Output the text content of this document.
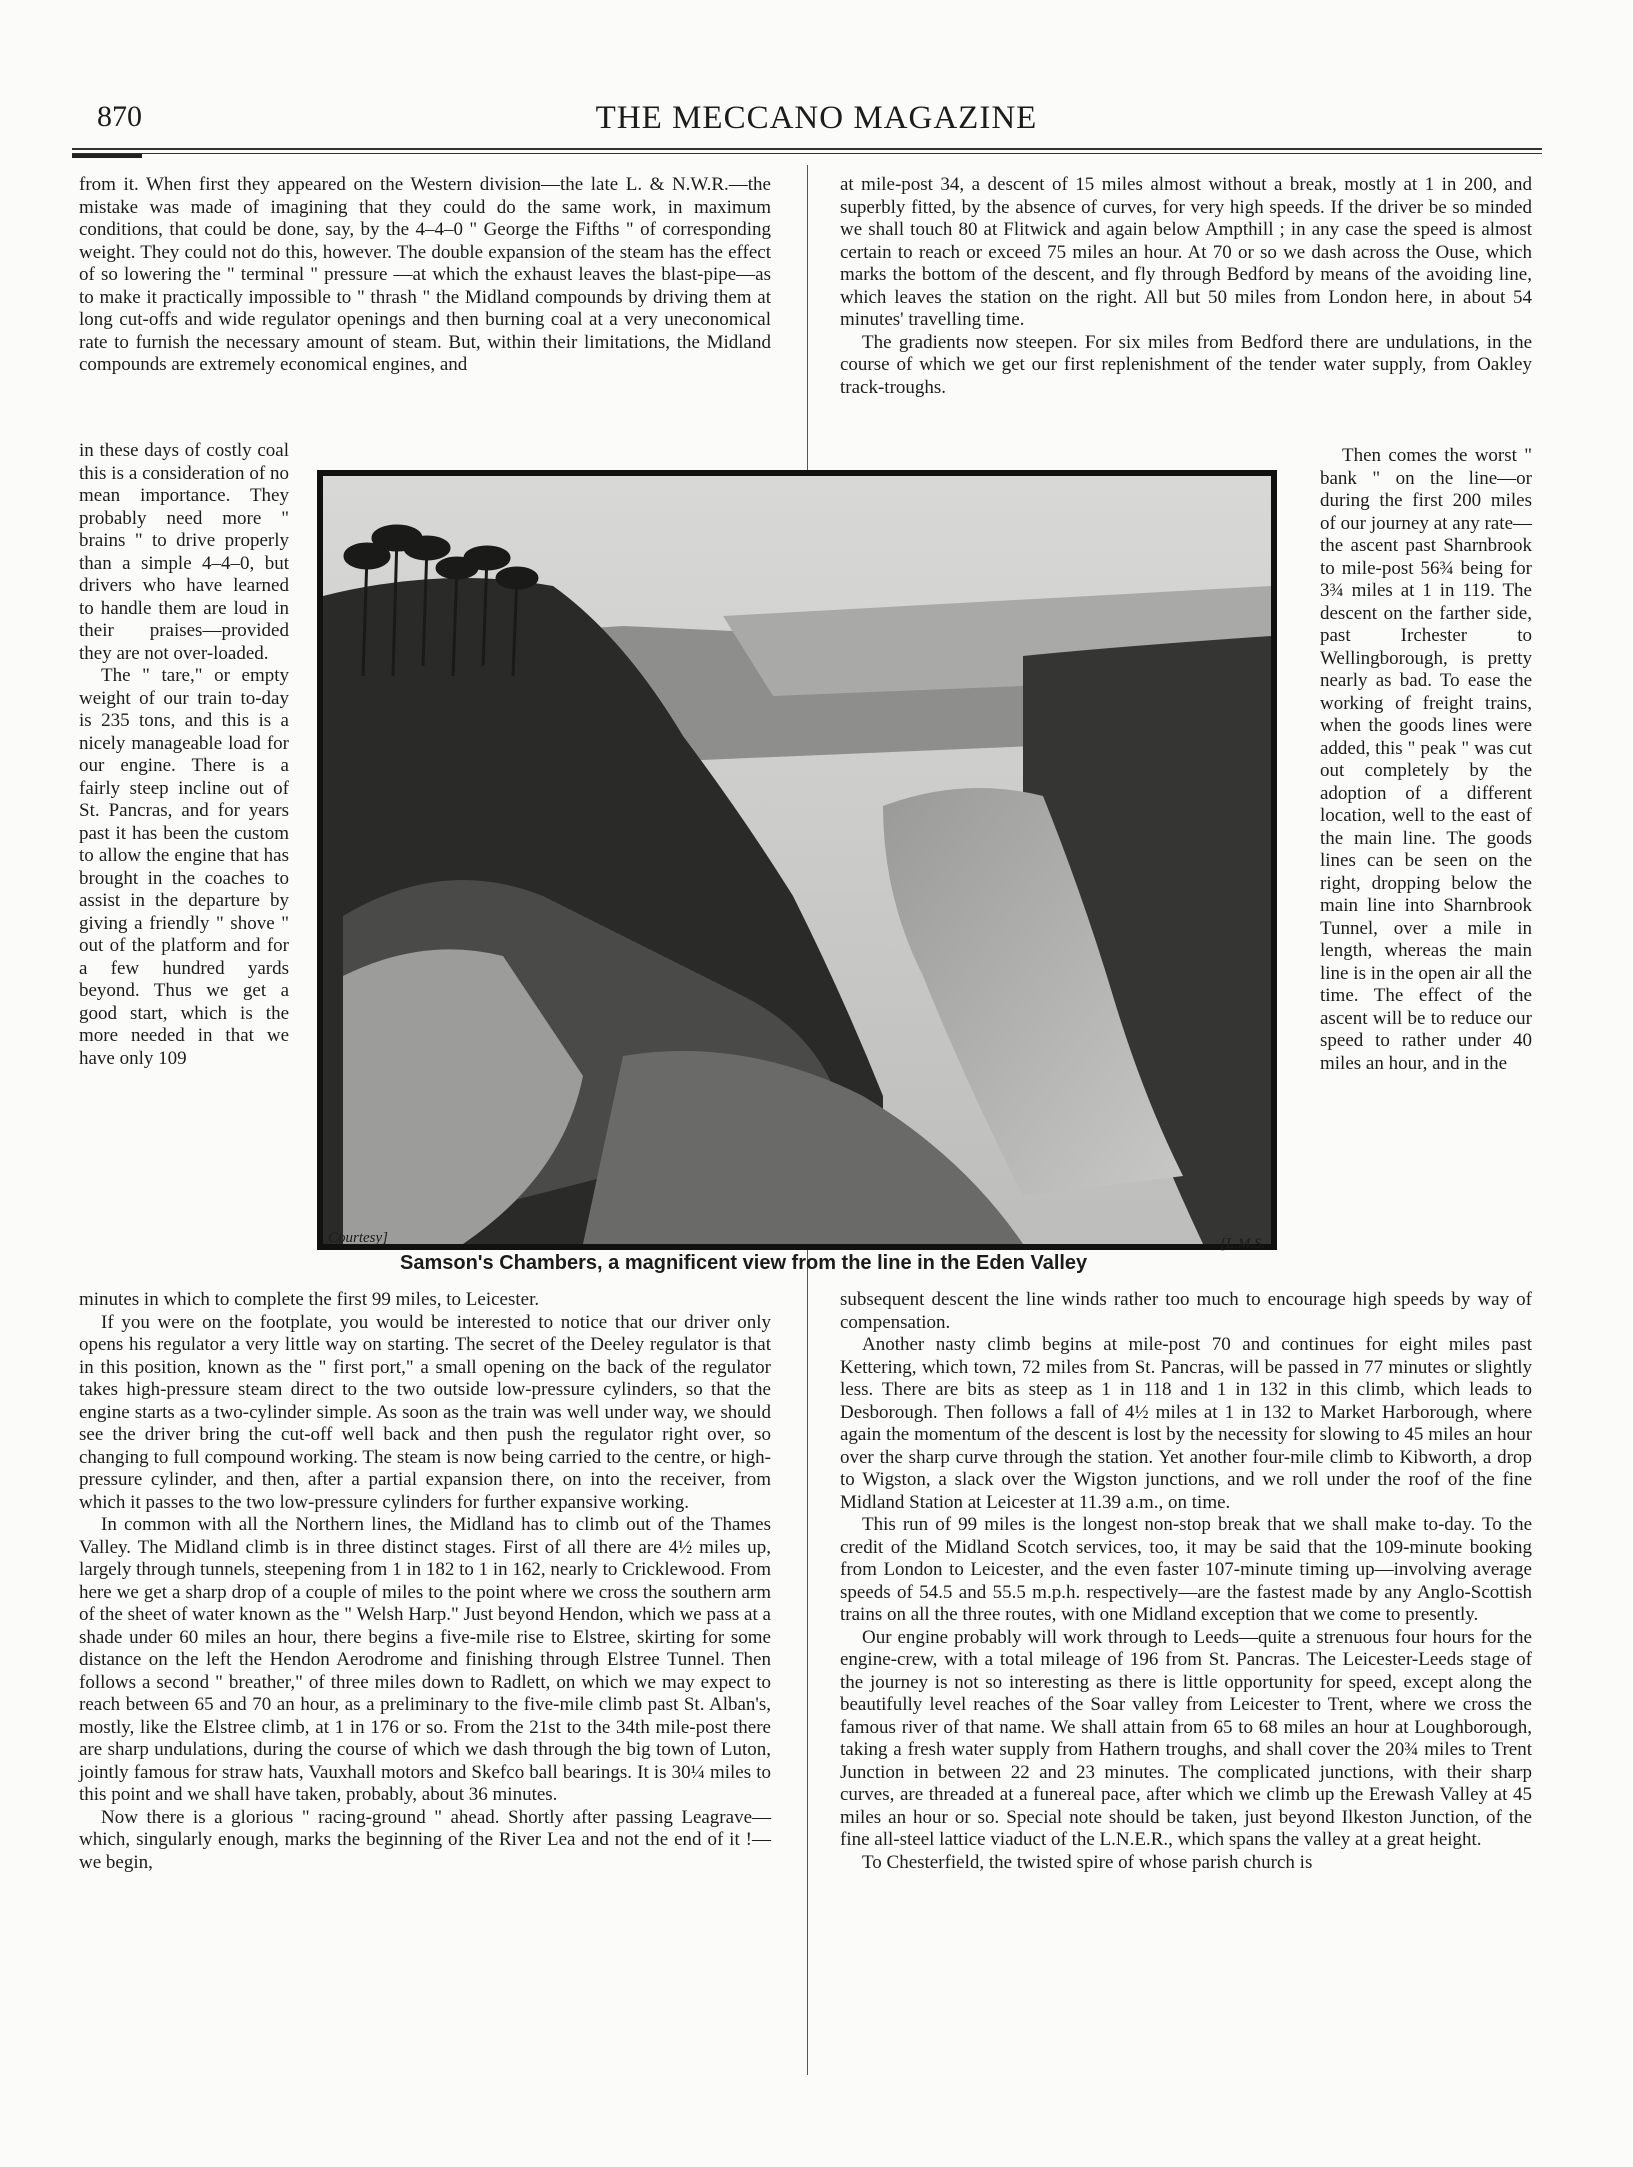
870	THE MECCANO MAGAZINE

from it. When first they appeared on the Western division—the late L. & N.W.R.—the mistake was made of imagining that they could do the same work, in maximum conditions, that could be done, say, by the 4–4–0 " George the Fifths " of corresponding weight. They could not do this, however. The double expansion of the steam has the effect of so lowering the " terminal " pressure —at which the exhaust leaves the blast-pipe—as to make it practically impossible to " thrash " the Midland compounds by driving them at long cut-offs and wide regulator openings and then burning coal at a very uneconomical rate to furnish the necessary amount of steam. But, within their limitations, the Midland compounds are extremely economical engines, and

in these days of costly coal this is a consideration of no mean importance. They probably need more " brains " to drive properly than a simple 4–4–0, but drivers who have learned to handle them are loud in their praises—provided they are not over-loaded.

The " tare," or empty weight of our train to-day is 235 tons, and this is a nicely manageable load for our engine. There is a fairly steep incline out of St. Pancras, and for years past it has been the custom to allow the engine that has brought in the coaches to assist in the departure by giving a friendly " shove " out of the platform and for a few hundred yards beyond. Thus we get a good start, which is the more needed in that we have only 109

minutes in which to complete the first 99 miles, to Leicester.

If you were on the footplate, you would be interested to notice that our driver only opens his regulator a very little way on starting. The secret of the Deeley regulator is that in this position, known as the " first port," a small opening on the back of the regulator takes high-pressure steam direct to the two outside low-pressure cylinders, so that the engine starts as a two-cylinder simple. As soon as the train was well under way, we should see the driver bring the cut-off well back and then push the regulator right over, so changing to full compound working. The steam is now being carried to the centre, or high-pressure cylinder, and then, after a partial expansion there, on into the receiver, from which it passes to the two low-pressure cylinders for further expansive working.

In common with all the Northern lines, the Midland has to climb out of the Thames Valley. The Midland climb is in three distinct stages. First of all there are 4½ miles up, largely through tunnels, steepening from 1 in 182 to 1 in 162, nearly to Cricklewood. From here we get a sharp drop of a couple of miles to the point where we cross the southern arm of the sheet of water known as the " Welsh Harp." Just beyond Hendon, which we pass at a shade under 60 miles an hour, there begins a five-mile rise to Elstree, skirting for some distance on the left the Hendon Aerodrome and finishing through Elstree Tunnel. Then follows a second " breather," of three miles down to Radlett, on which we may expect to reach between 65 and 70 an hour, as a preliminary to the five-mile climb past St. Alban's, mostly, like the Elstree climb, at 1 in 176 or so. From the 21st to the 34th mile-post there are sharp undulations, during the course of which we dash through the big town of Luton, jointly famous for straw hats, Vauxhall motors and Skefco ball bearings. It is 30¼ miles to this point and we shall have taken, probably, about 36 minutes.

Now there is a glorious " racing-ground " ahead. Shortly after passing Leagrave—which, singularly enough, marks the beginning of the River Lea and not the end of it !—we begin,

at mile-post 34, a descent of 15 miles almost without a break, mostly at 1 in 200, and superbly fitted, by the absence of curves, for very high speeds. If the driver be so minded we shall touch 80 at Flitwick and again below Ampthill ; in any case the speed is almost certain to reach or exceed 75 miles an hour. At 70 or so we dash across the Ouse, which marks the bottom of the descent, and fly through Bedford by means of the avoiding line, which leaves the station on the right. All but 50 miles from London here, in about 54 minutes' travelling time.

The gradients now steepen. For six miles from Bedford there are undulations, in the course of which we get our first replenishment of the tender water supply, from Oakley track-troughs.

Then comes the worst " bank " on the line—or during the first 200 miles of our journey at any rate—the ascent past Sharnbrook to mile-post 56¾ being for 3¾ miles at 1 in 119. The descent on the farther side, past Irchester to Wellingborough, is pretty nearly as bad. To ease the working of freight trains, when the goods lines were added, this " peak " was cut out completely by the adoption of a different location, well to the east of the main line. The goods lines can be seen on the right, dropping below the main line into Sharnbrook Tunnel, over a mile in length, whereas the main line is in the open air all the time. The effect of the ascent will be to reduce our speed to rather under 40 miles an hour, and in the

subsequent descent the line winds rather too much to encourage high speeds by way of compensation.

Another nasty climb begins at mile-post 70 and continues for eight miles past Kettering, which town, 72 miles from St. Pancras, will be passed in 77 minutes or slightly less. There are bits as steep as 1 in 118 and 1 in 132 in this climb, which leads to Desborough. Then follows a fall of 4½ miles at 1 in 132 to Market Harborough, where again the momentum of the descent is lost by the necessity for slowing to 45 miles an hour over the sharp curve through the station. Yet another four-mile climb to Kibworth, a drop to Wigston, a slack over the Wigston junctions, and we roll under the roof of the fine Midland Station at Leicester at 11.39 a.m., on time.

This run of 99 miles is the longest non-stop break that we shall make to-day. To the credit of the Midland Scotch services, too, it may be said that the 109-minute booking from London to Leicester, and the even faster 107-minute timing up—involving average speeds of 54.5 and 55.5 m.p.h. respectively—are the fastest made by any Anglo-Scottish trains on all the three routes, with one Midland exception that we come to presently.

Our engine probably will work through to Leeds—quite a strenuous four hours for the engine-crew, with a total mileage of 196 from St. Pancras. The Leicester-Leeds stage of the journey is not so interesting as there is little opportunity for speed, except along the beautifully level reaches of the Soar valley from Leicester to Trent, where we cross the famous river of that name. We shall attain from 65 to 68 miles an hour at Loughborough, taking a fresh water supply from Hathern troughs, and shall cover the 20¾ miles to Trent Junction in between 22 and 23 minutes. The complicated junctions, with their sharp curves, are threaded at a funereal pace, after which we climb up the Erewash Valley at 45 miles an hour or so. Special note should be taken, just beyond Ilkeston Junction, of the fine all-steel lattice viaduct of the L.N.E.R., which spans the valley at a great height.

To Chesterfield, the twisted spire of whose parish church is

Courtesy]	[L.M.S.
Samson's Chambers, a magnificent view from the line in the Eden Valley
